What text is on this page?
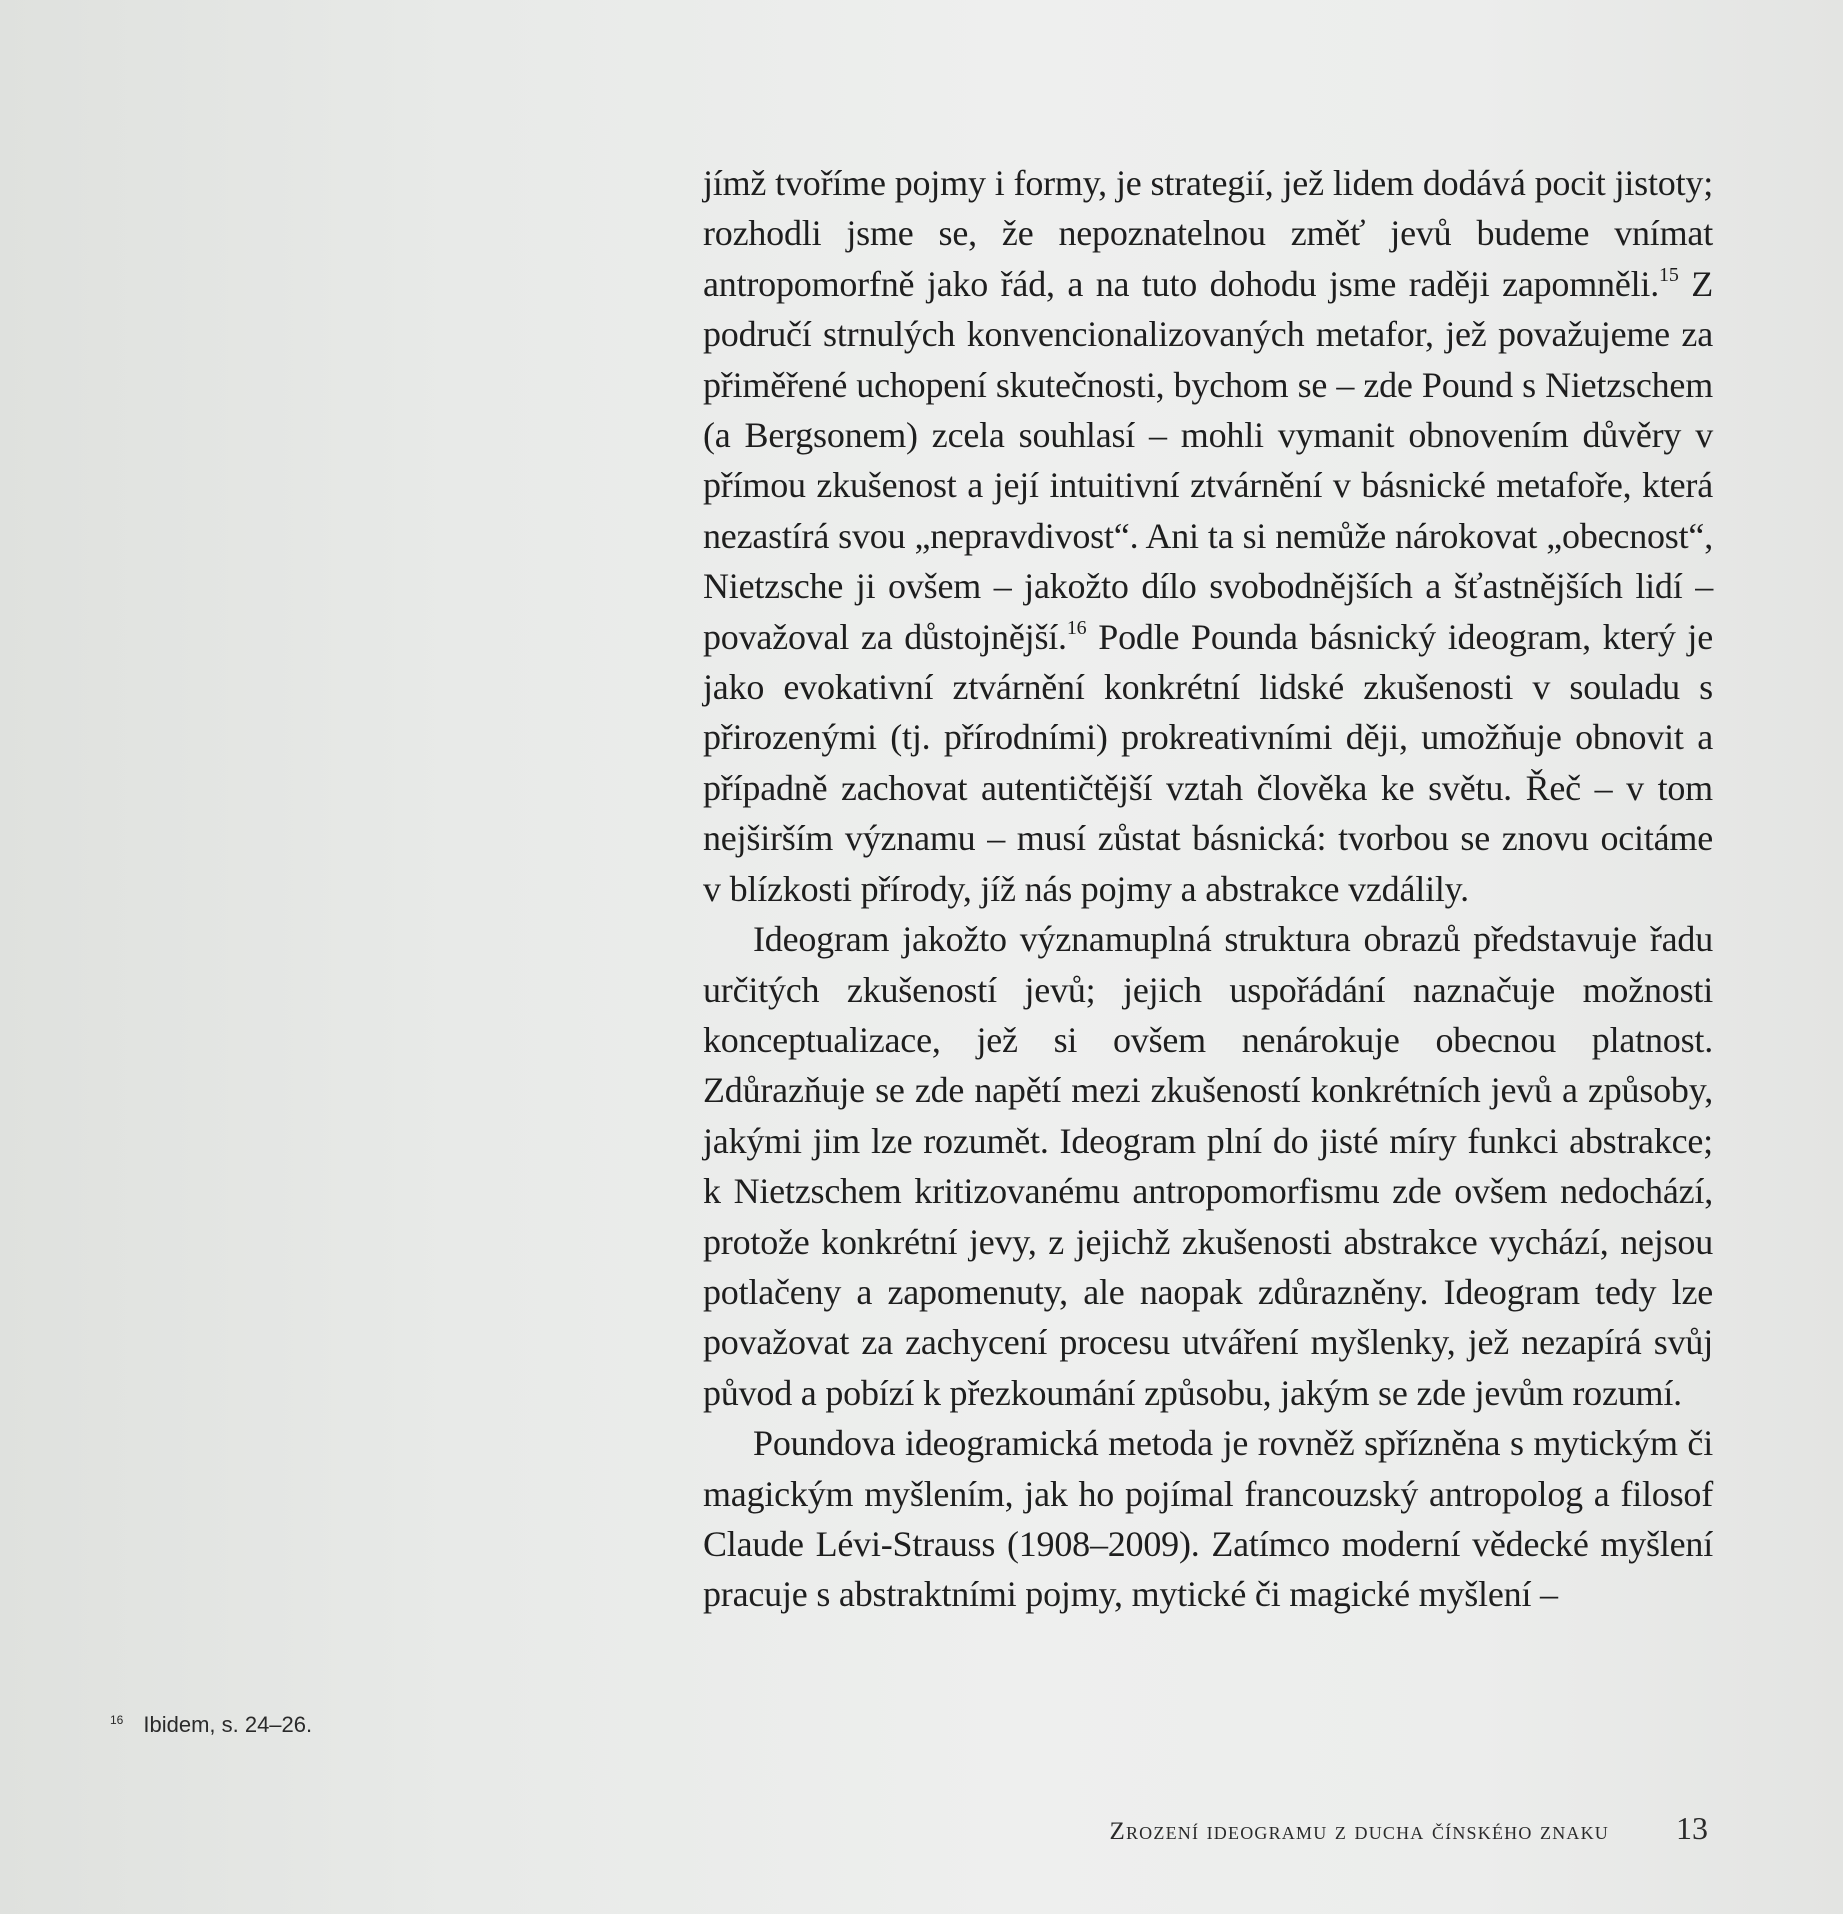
jímž tvoříme pojmy i formy, je strategií, jež lidem dodává pocit jistoty; rozhodli jsme se, že nepoznatelnou změť jevů budeme vnímat antropomorfně jako řád, a na tuto dohodu jsme raději zapomněli.$^{15}$ Z područí strnulých konvencionalizovaných metafor, jež považujeme za přiměřené uchopení skutečnosti, bychom se – zde Pound s Nietzschem (a Bergsonem) zcela souhlasí – mohli vymanit obnovením důvěry v přímou zkušenost a její intuitivní ztvárnění v básnické metafoře, která nezastírá svou „nepravdivost“. Ani ta si nemůže nárokovat „obecnost“, Nietzsche ji ovšem – jakožto dílo svobodnějších a šťastnějších lidí – považoval za důstojnější.$^{16}$ Podle Pounda básnický ideogram, který je jako evokativní ztvárnění konkrétní lidské zkušenosti v souladu s přirozenými (tj. přírodními) prokreativními ději, umožňuje obnovit a případně zachovat autentičtější vztah člověka ke světu. Řeč – v tom nejširším významu – musí zůstat básnická: tvorbou se znovu ocitáme v blízkosti přírody, jíž nás pojmy a abstrakce vzdálily.

Ideogram jakožto významuplná struktura obrazů představuje řadu určitých zkušeností jevů; jejich uspořádání naznačuje možnosti konceptualizace, jež si ovšem nenárokuje obecnou platnost. Zdůrazňuje se zde napětí mezi zkušeností konkrétních jevů a způsoby, jakými jim lze rozumět. Ideogram plní do jisté míry funkci abstrakce; k Nietzschem kritizovanému antropomorfismu zde ovšem nedochází, protože konkrétní jevy, z jejichž zkušenosti abstrakce vychází, nejsou potlačeny a zapomenuty, ale naopak zdůrazněny. Ideogram tedy lze považovat za zachycení procesu utváření myšlenky, jež nezapírá svůj původ a pobízí k přezkoumání způsobu, jakým se zde jevům rozumí.

Poundova ideogramická metoda je rovněž spřízněna s mytickým či magickým myšlením, jak ho pojímal francouzský antropolog a filosof Claude Lévi-Strauss (1908–2009). Zatímco moderní vědecké myšlení pracuje s abstraktními pojmy, mytické či magické myšlení –

$^{16}$ Ibidem, s. 24–26.
Zrození ideogramu z ducha čínského znaku 13
